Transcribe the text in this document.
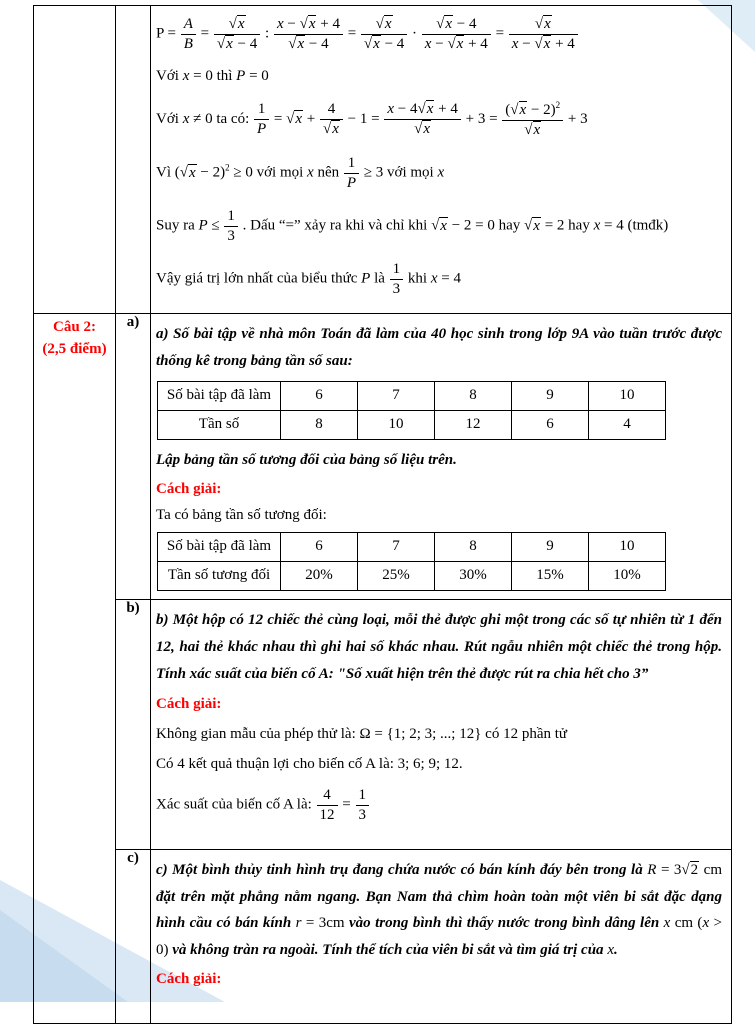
$P = \frac{A}{B} = \frac{√x}{√x - 4}$ : $\frac{x - √x + 4}{√x - 4} = \frac{√x}{√x - 4} \cdot \frac{√x - 4}{x - √x + 4} = \frac{√x}{x - √x + 4}$
Với x = 0 thì P = 0
Với x ≠ 0 ta có: $\frac{1}{P} = √x + \frac{4}{√x} - 1 = \frac{x - 4√x + 4}{√x} + 3 = \frac{(√x - 2)^2}{√x} + 3$
Vì $(√x - 2)^2 \ge 0$ với mọi x nên $\frac{1}{P} \ge 3$ với mọi x
Suy ra $P \le \frac{1}{3}$ . Dấu “=” xảy ra khi và chỉ khi √x − 2 = 0 hay √x = 2 hay x = 4 (tmđk)
Vậy giá trị lớn nhất của biểu thức P là $\frac{1}{3}$ khi x = 4

Câu 2:
(2,5 điểm)
	a)	

a) Số bài tập về nhà môn Toán đã làm của 40 học sinh trong lớp 9A vào tuần trước được thống kê trong bảng tần số sau:

Số bài tập đã làm	6	7	8	9	10
Tần số	8	10	12	6	4

Lập bảng tần số tương đối của bảng số liệu trên.

Cách giải:

Ta có bảng tần số tương đối:

Số bài tập đã làm	6	7	8	9	10
Tần số tương đối	20%	25%	30%	15%	10%

b)	

b) Một hộp có 12 chiếc thẻ cùng loại, mỗi thẻ được ghi một trong các số tự nhiên từ 1 đến 12, hai thẻ khác nhau thì ghi hai số khác nhau. Rút ngẫu nhiên một chiếc thẻ trong hộp. Tính xác suất của biến cố A: "Số xuất hiện trên thẻ được rút ra chia hết cho 3”

Cách giải:

Không gian mẫu của phép thử là: Ω = {1; 2; 3; ...; 12} có 12 phần tử
Có 4 kết quả thuận lợi cho biến cố A là: 3; 6; 9; 12.
Xác suất của biến cố A là: $\frac{4}{12} = \frac{1}{3}$

c)	

c) Một bình thủy tinh hình trụ đang chứa nước có bán kính đáy bên trong là R = 3√2 cm đặt trên mặt phẳng nằm ngang. Bạn Nam thả chìm hoàn toàn một viên bi sắt đặc dạng hình cầu có bán kính r = 3cm vào trong bình thì thấy nước trong bình dâng lên x cm (x > 0) và không tràn ra ngoài. Tính thể tích của viên bi sắt và tìm giá trị của x.

Cách giải:
